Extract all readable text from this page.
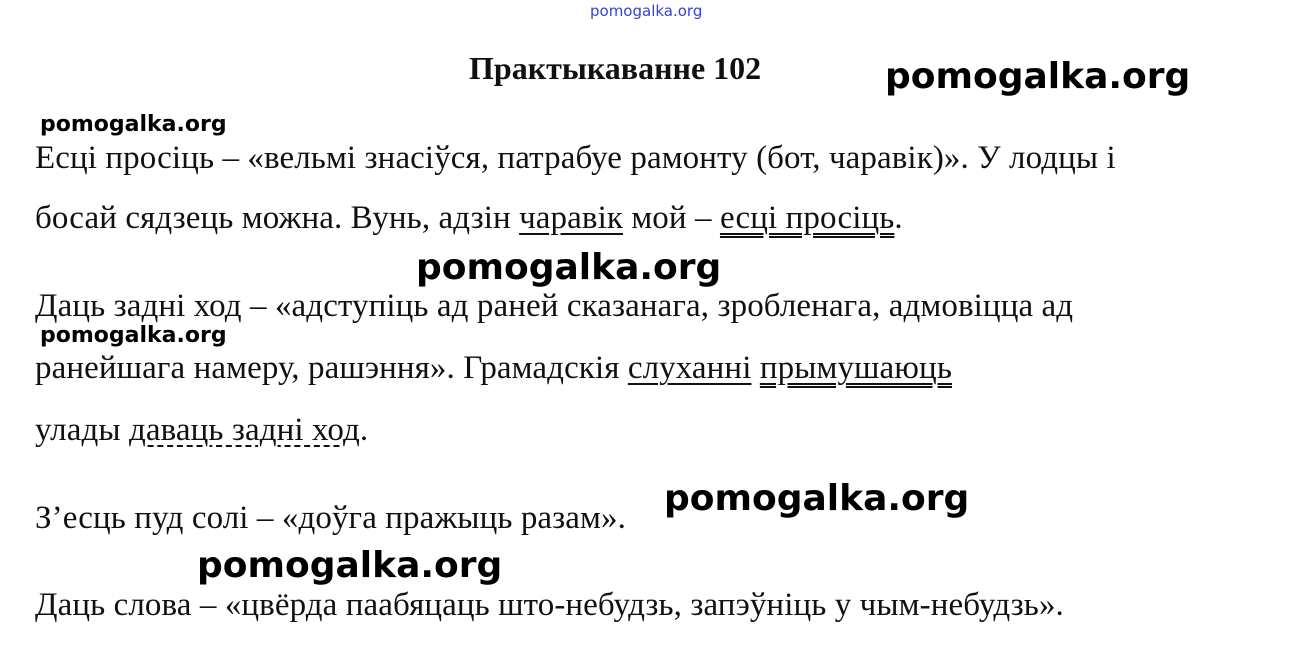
pomogalka.org
Практыкаванне 102	pomogalka.org
pomogalka.org
Есці просіць – «вельмі знасіўся, патрабуе рамонту (бот, чаравік)». У лодцы і
босай сядзець можна. Вунь, адзін чаравік мой – есці просіць.
pomogalka.org
Даць задні ход – «адступіць ад раней сказанага, зробленага, адмовіцца ад
pomogalka.org
ранейшага намеру, рашэння». Грамадскія слуханні прымушаюць
улады даваць задні ход.
pomogalka.org
З’есць пуд солі – «доўга пражыць разам».
pomogalka.org
Даць слова – «цвёрда паабяцаць што-небудзь, запэўніць у чым-небудзь».
